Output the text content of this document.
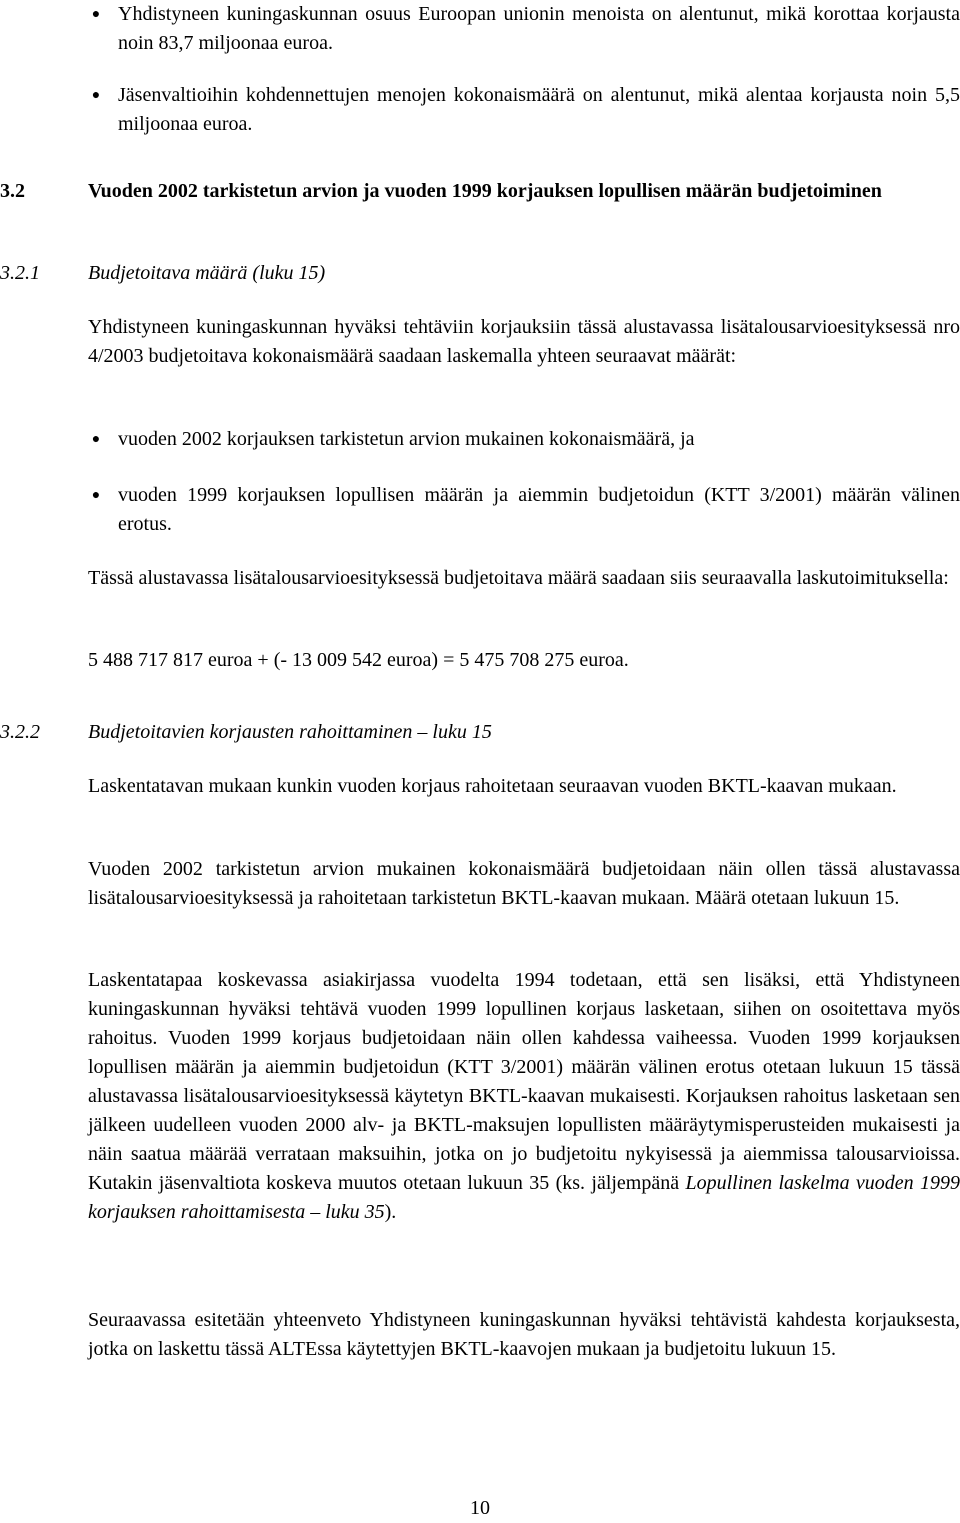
● Yhdistyneen kuningaskunnan osuus Euroopan unionin menoista on alentunut, mikä korottaa korjausta noin 83,7 miljoonaa euroa.
● Jäsenvaltioihin kohdennettujen menojen kokonaismäärä on alentunut, mikä alentaa korjausta noin 5,5 miljoonaa euroa.
3.2	Vuoden 2002 tarkistetun arvion ja vuoden 1999 korjauksen lopullisen määrän budjetoiminen
3.2.1 Budjetoitava määrä (luku 15)
Yhdistyneen kuningaskunnan hyväksi tehtäviin korjauksiin tässä alustavassa lisätalousarvioesityksessä nro 4/2003 budjetoitava kokonaismäärä saadaan laskemalla yhteen seuraavat määrät:
● vuoden 2002 korjauksen tarkistetun arvion mukainen kokonaismäärä, ja
● vuoden 1999 korjauksen lopullisen määrän ja aiemmin budjetoidun (KTT 3/2001) määrän välinen erotus.
Tässä alustavassa lisätalousarvioesityksessä budjetoitava määrä saadaan siis seuraavalla laskutoimituksella:
5 488 717 817 euroa + (- 13 009 542 euroa) = 5 475 708 275 euroa.
3.2.2 Budjetoitavien korjausten rahoittaminen – luku 15
Laskentatavan mukaan kunkin vuoden korjaus rahoitetaan seuraavan vuoden BKTL-kaavan mukaan.
Vuoden 2002 tarkistetun arvion mukainen kokonaismäärä budjetoidaan näin ollen tässä alustavassa lisätalousarvioesityksessä ja rahoitetaan tarkistetun BKTL-kaavan mukaan. Määrä otetaan lukuun 15.
Laskentatapaa koskevassa asiakirjassa vuodelta 1994 todetaan, että sen lisäksi, että Yhdistyneen kuningaskunnan hyväksi tehtävä vuoden 1999 lopullinen korjaus lasketaan, siihen on osoitettava myös rahoitus. Vuoden 1999 korjaus budjetoidaan näin ollen kahdessa vaiheessa. Vuoden 1999 korjauksen lopullisen määrän ja aiemmin budjetoidun (KTT 3/2001) määrän välinen erotus otetaan lukuun 15 tässä alustavassa lisätalousarvioesityksessä käytetyn BKTL-kaavan mukaisesti. Korjauksen rahoitus lasketaan sen jälkeen uudelleen vuoden 2000 alv- ja BKTL-maksujen lopullisten määräytymisperusteiden mukaisesti ja näin saatua määrää verrataan maksuihin, jotka on jo budjetoitu nykyisessä ja aiemmissa talousarvioissa. Kutakin jäsenvaltiota koskeva muutos otetaan lukuun 35 (ks. jäljempänä Lopullinen laskelma vuoden 1999 korjauksen rahoittamisesta – luku 35).
Seuraavassa esitetään yhteenveto Yhdistyneen kuningaskunnan hyväksi tehtävistä kahdesta korjauksesta, jotka on laskettu tässä ALTEssa käytettyjen BKTL-kaavojen mukaan ja budjetoitu lukuun 15.
10
